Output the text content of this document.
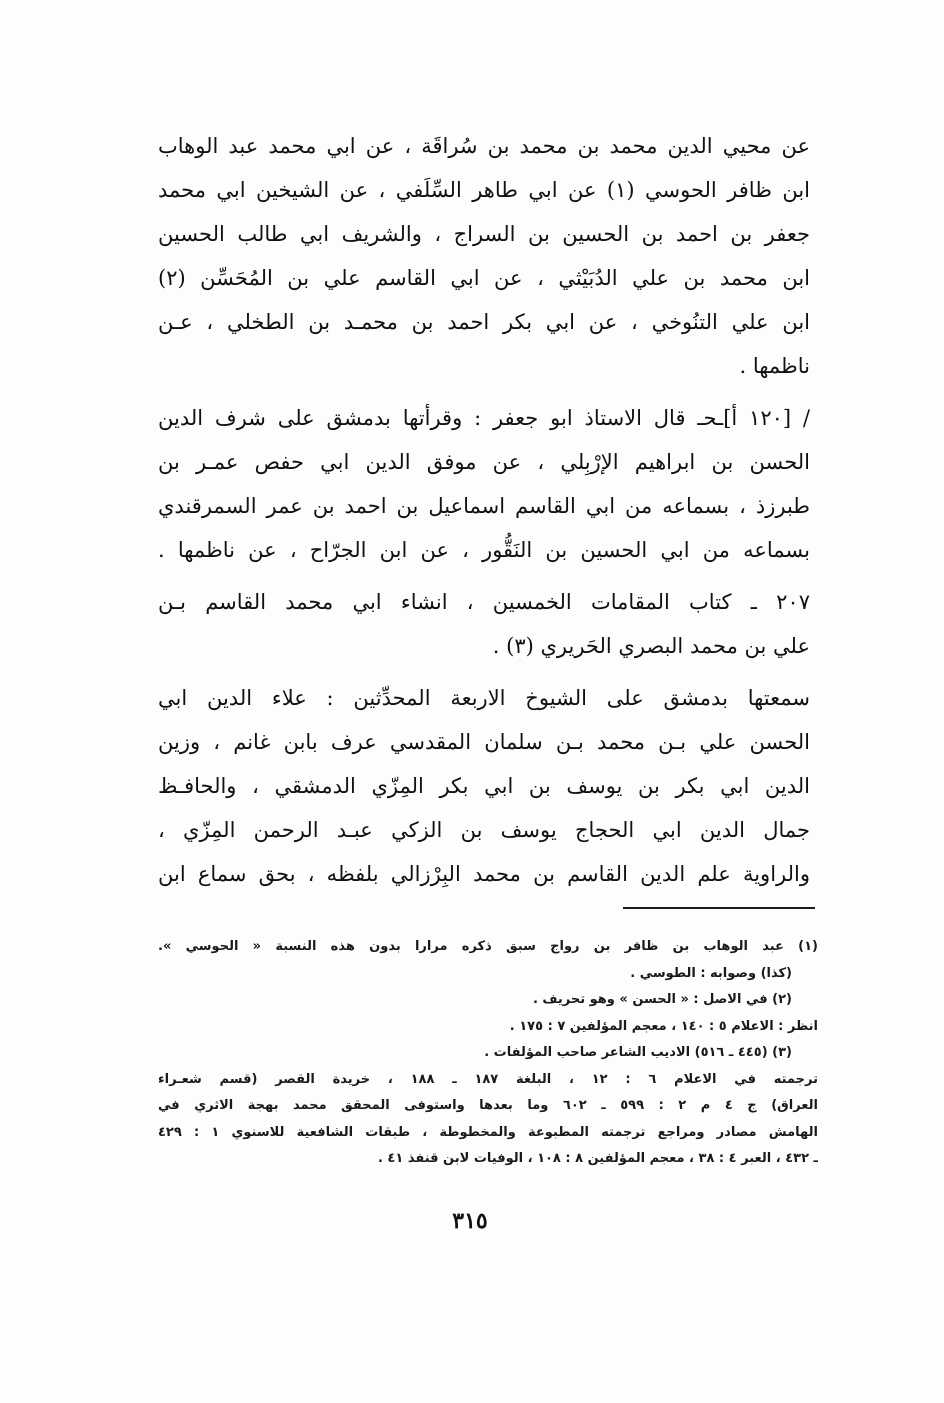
عن محيي الدين محمد بن محمد بن سُراقَة ، عن ابي محمد عبد الوهاب
ابن ظافر الحوسي (١) عن ابي طاهر السِّلَفي ، عن الشيخين ابي محمد
جعفر بن احمد بن الحسين بن السراج ، والشريف ابي طالب الحسين
ابن محمد بن علي الدُبَيْثي ، عن ابي القاسم علي بن المُحَسِّن (٢)
ابن علي التنُوخي ، عن ابي بكر احمد بن محمـد بن الطخلي ، عـن
ناظمها .
/ [١٢٠ أ]ـحـ قال الاستاذ ابو جعفر : وقرأتها بدمشق على شرف الدين
الحسن بن ابراهيم الإرْبِلي ، عن موفق الدين ابي حفص عمـر بن
طبرزذ ، بسماعه من ابي القاسم اسماعيل بن احمد بن عمر السمرقندي
بسماعه من ابي الحسين بن النَقُّور ، عن ابن الجرّاح ، عن ناظمها .
٢٠٧ ـ كتاب المقامات الخمسين ، انشاء ابي محمد القاسم بـن
علي بن محمد البصري الحَريري (٣) .
سمعتها بدمشق على الشيوخ الاربعة المحدِّثين : علاء الدين ابي
الحسن علي بـن محمد بـن سلمان المقدسي عرف بابن غانم ، وزين
الدين ابي بكر بن يوسف بن ابي بكر المِزّي الدمشقي ، والحافـظ
جمال الدين ابي الحجاج يوسف بن الزكي عبـد الرحمن المِزّي ،
والراوية علم الدين القاسم بن محمد البِرْزالي بلفظه ، بحق سماع ابن
(١) عبد الوهاب بن ظافر بن رواج سبق ذكره مرارا بدون هذه النسبة « الحوسي ».
(كذا) وصوابه : الطوسي .
(٢) في الاصل : « الحسن » وهو تحريف .
انظر : الاعلام ٥ : ١٤٠ ، معجم المؤلفين ٧ : ١٧٥ .
(٣) (٤٤٥ ـ ٥١٦) الاديب الشاعر صاحب المؤلفات .
ترجمته في الاعلام ٦ : ١٢ ، البلغة ١٨٧ ـ ١٨٨ ، خريدة القصر (قسم شعـراء
العراق) ج ٤ م ٢ : ٥٩٩ ـ ٦٠٢ وما بعدها واستوفى المحقق محمد بهجة الاثري في
الهامش مصادر ومراجع ترجمته المطبوعة والمخطوطة ، طبقات الشافعية للاسنوي ١ : ٤٢٩
ـ ٤٣٢ ، العبر ٤ : ٣٨ ، معجم المؤلفين ٨ : ١٠٨ ، الوفيات لابن قنفذ ٤١ .
٣١٥
